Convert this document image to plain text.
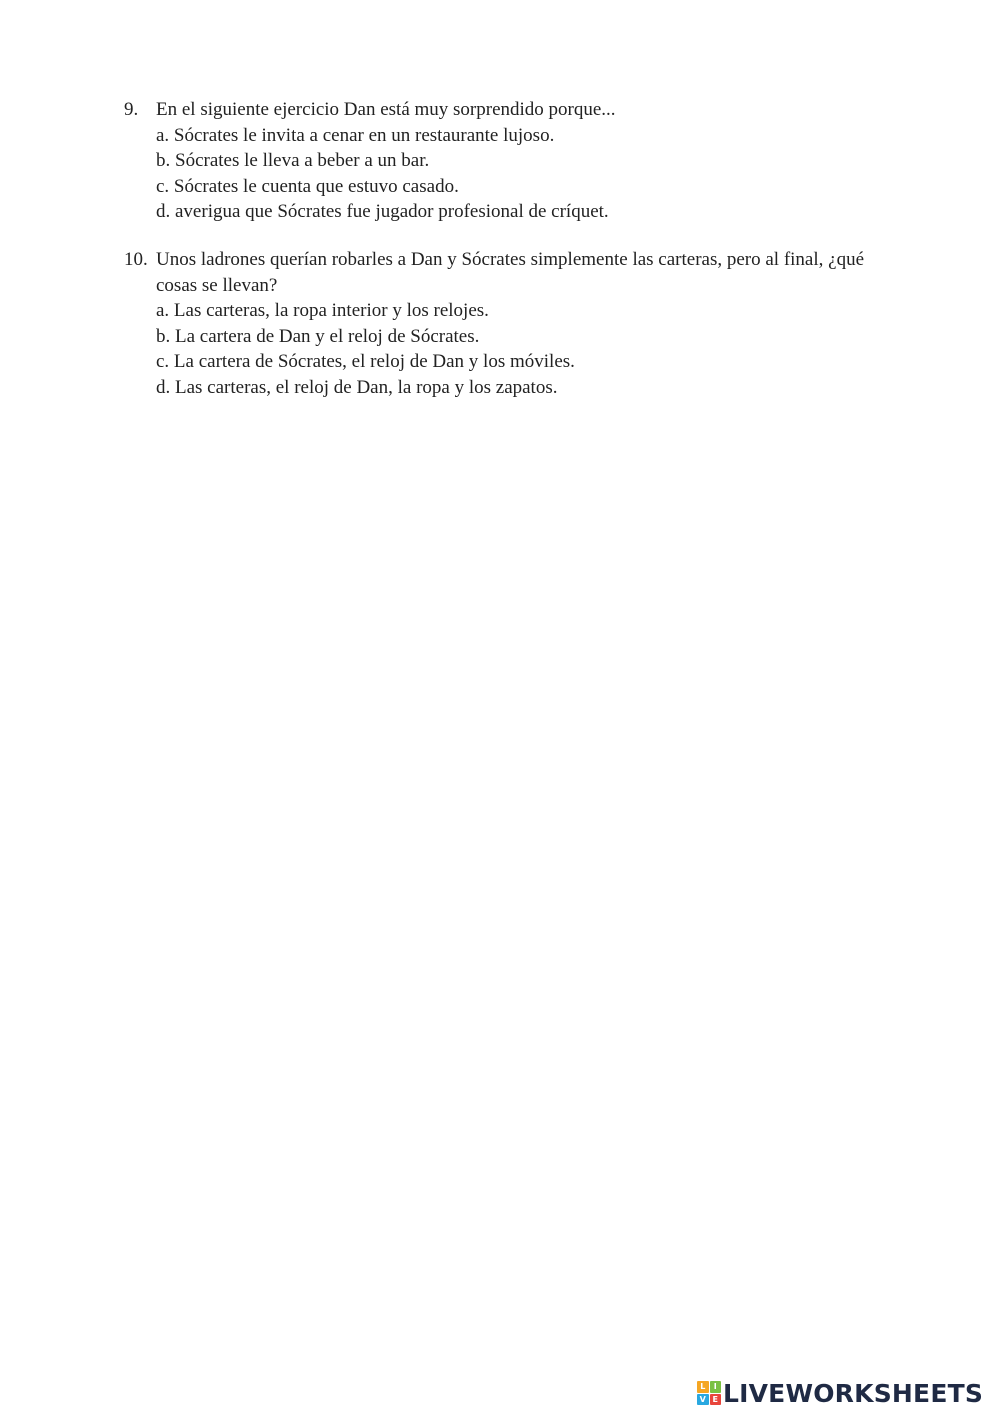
9. En el siguiente ejercicio Dan está muy sorprendido porque...
a. Sócrates le invita a cenar en un restaurante lujoso.
b. Sócrates le lleva a beber a un bar.
c. Sócrates le cuenta que estuvo casado.
d. averigua que Sócrates fue jugador profesional de críquet.
10. Unos ladrones querían robarles a Dan y Sócrates simplemente las carteras, pero al final, ¿qué cosas se llevan?
a. Las carteras, la ropa interior y los relojes.
b. La cartera de Dan y el reloj de Sócrates.
c. La cartera de Sócrates, el reloj de Dan y los móviles.
d. Las carteras, el reloj de Dan, la ropa y los zapatos.
L	I
V E LIVEWORKSHEETS
